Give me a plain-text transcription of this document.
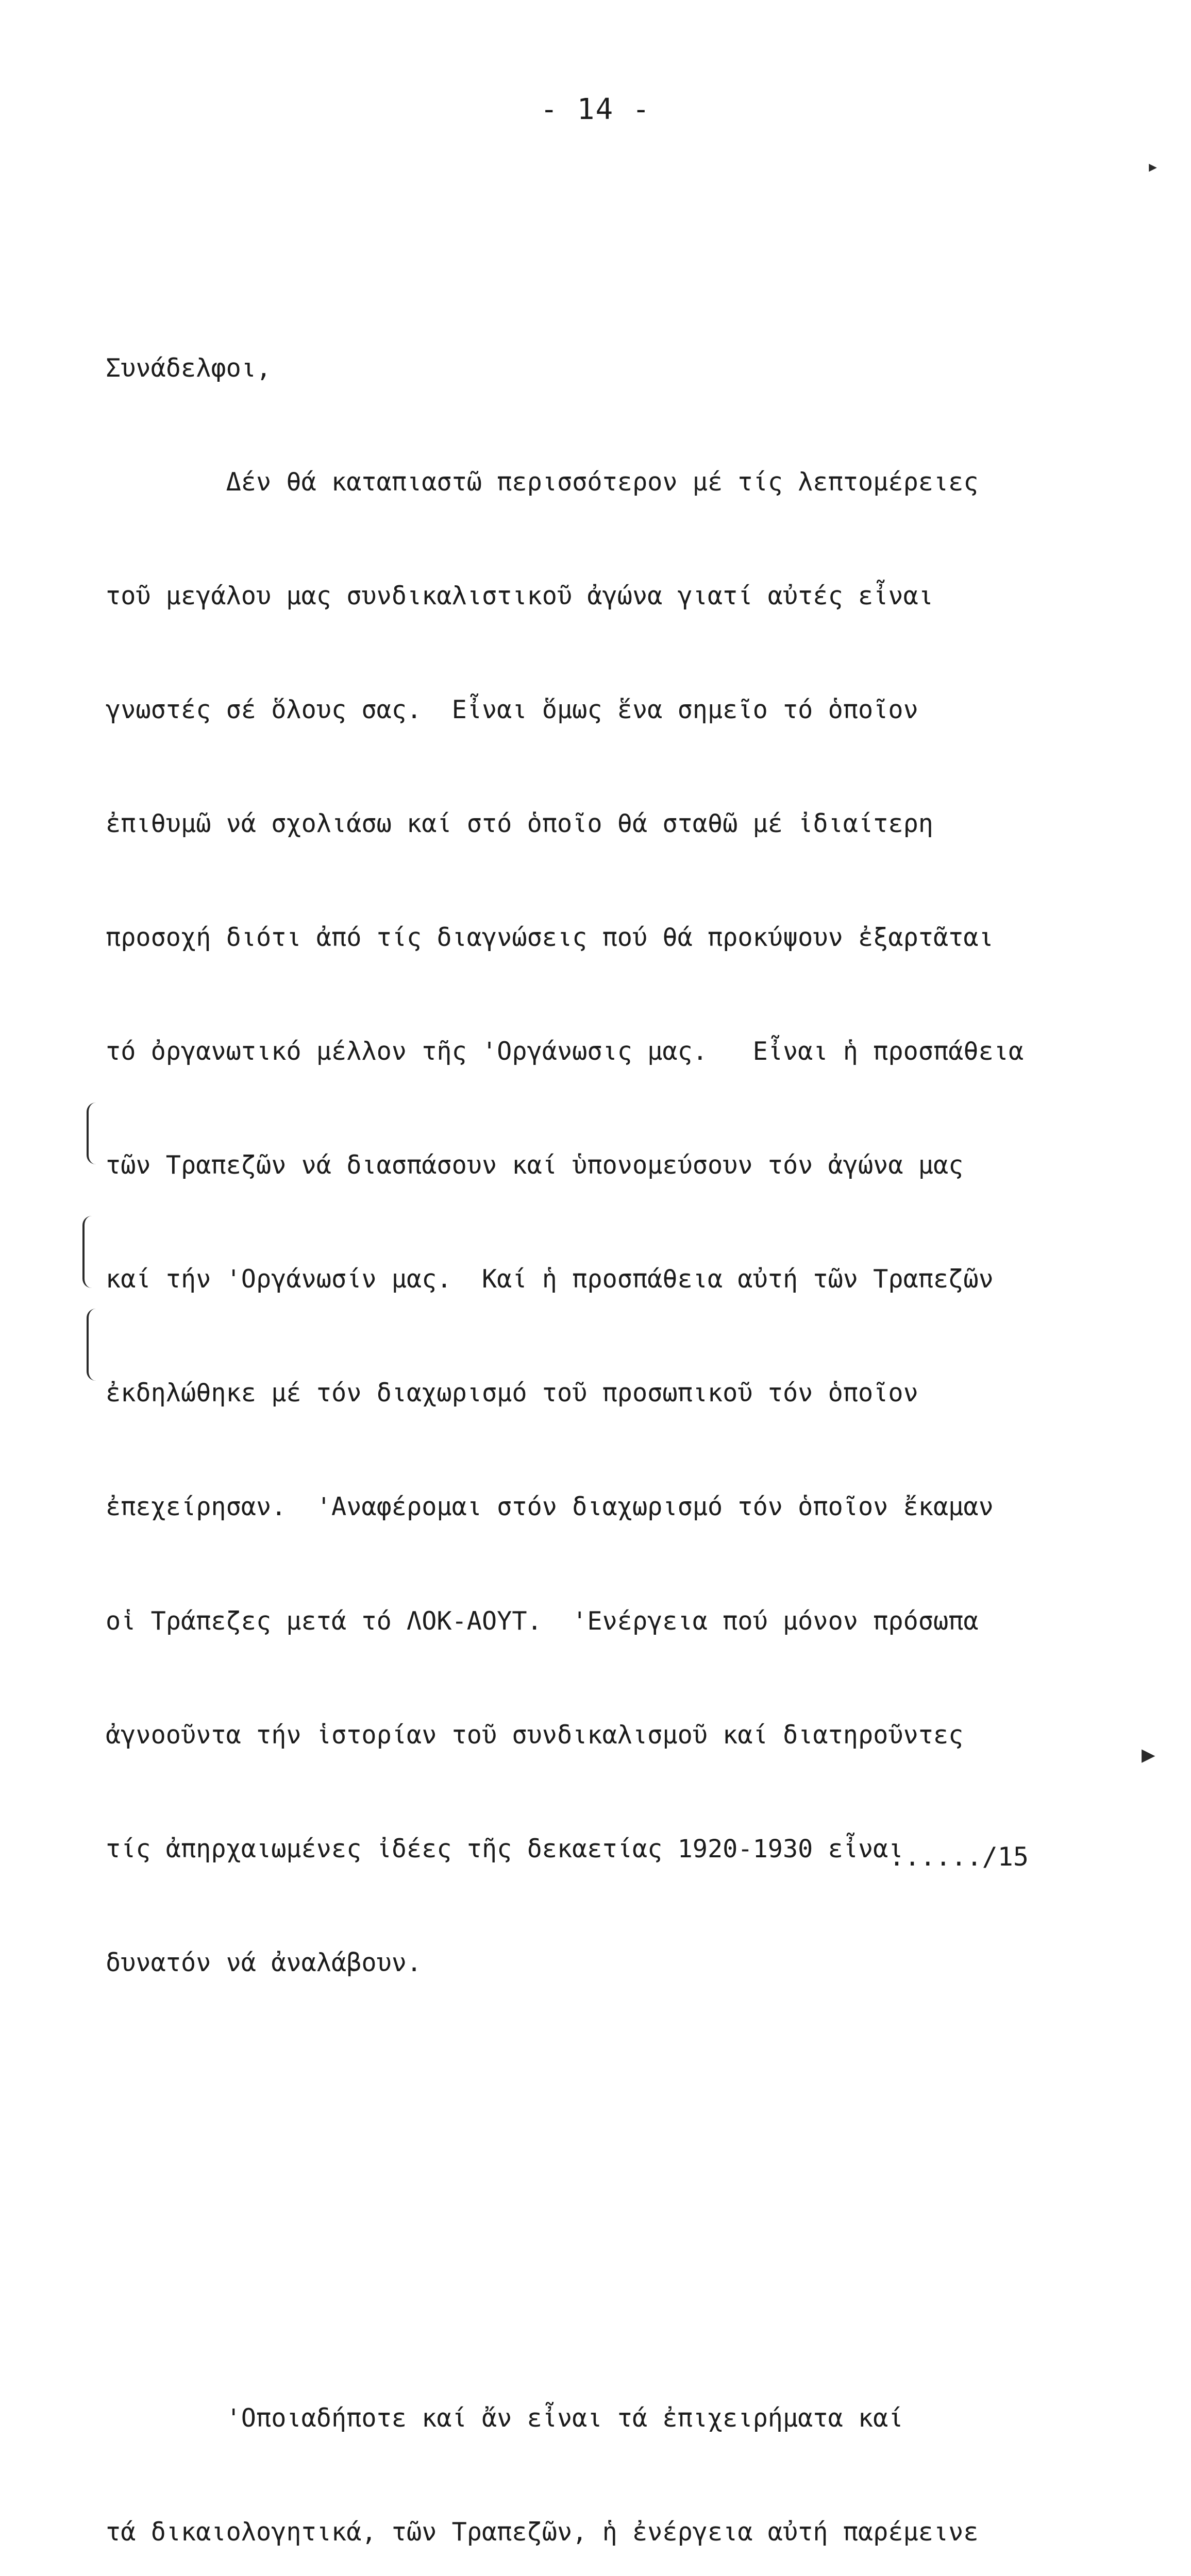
- 14 -

Συνάδελφοι,

Δέν θά καταπιαστῶ περισσότερον μέ τίς λεπτομέρειες

τοῦ μεγάλου μας συνδικαλιστικοῦ ἀγώνα γιατί αὐτές εἶναι

γνωστές σέ ὅλους σας.  Εἶναι ὅμως ἕνα σημεῖο τό ὁποῖον

ἐπιθυμῶ νά σχολιάσω καί στό ὁποῖο θά σταθῶ μέ ἰδιαίτερη

προσοχή διότι ἀπό τίς διαγνώσεις πού θά προκύψουν ἐξαρτᾶται

τό ὀργανωτικό μέλλον τῆς 'Οργάνωσις μας.   Εἶναι ἡ προσπάθεια

τῶν Τραπεζῶν νά διασπάσουν καί ὑπονομεύσουν τόν ἀγώνα μας

καί τήν 'Οργάνωσίν μας.  Καί ἡ προσπάθεια αὐτή τῶν Τραπεζῶν

ἐκδηλώθηκε μέ τόν διαχωρισμό τοῦ προσωπικοῦ τόν ὁποῖον

ἐπεχείρησαν.  'Αναφέρομαι στόν διαχωρισμό τόν ὁποῖον ἔκαμαν

οἱ Τράπεζες μετά τό ΛΟΚ-ΑΟΥΤ.  'Ενέργεια πού μόνον πρόσωπα

ἀγνοοῦντα τήν ἱστορίαν τοῦ συνδικαλισμοῦ καί διατηροῦντες

τίς ἀπηρχαιωμένες ἰδέες τῆς δεκαετίας 1920-1930 εἶναι

δυνατόν νά ἀναλάβουν.

'Οποιαδήποτε καί ἄν εἶναι τά ἐπιχειρήματα καί

τά δικαιολογητικά, τῶν Τραπεζῶν, ἡ ἐνέργεια αὐτή παρέμεινε

▸
▶
....../15
